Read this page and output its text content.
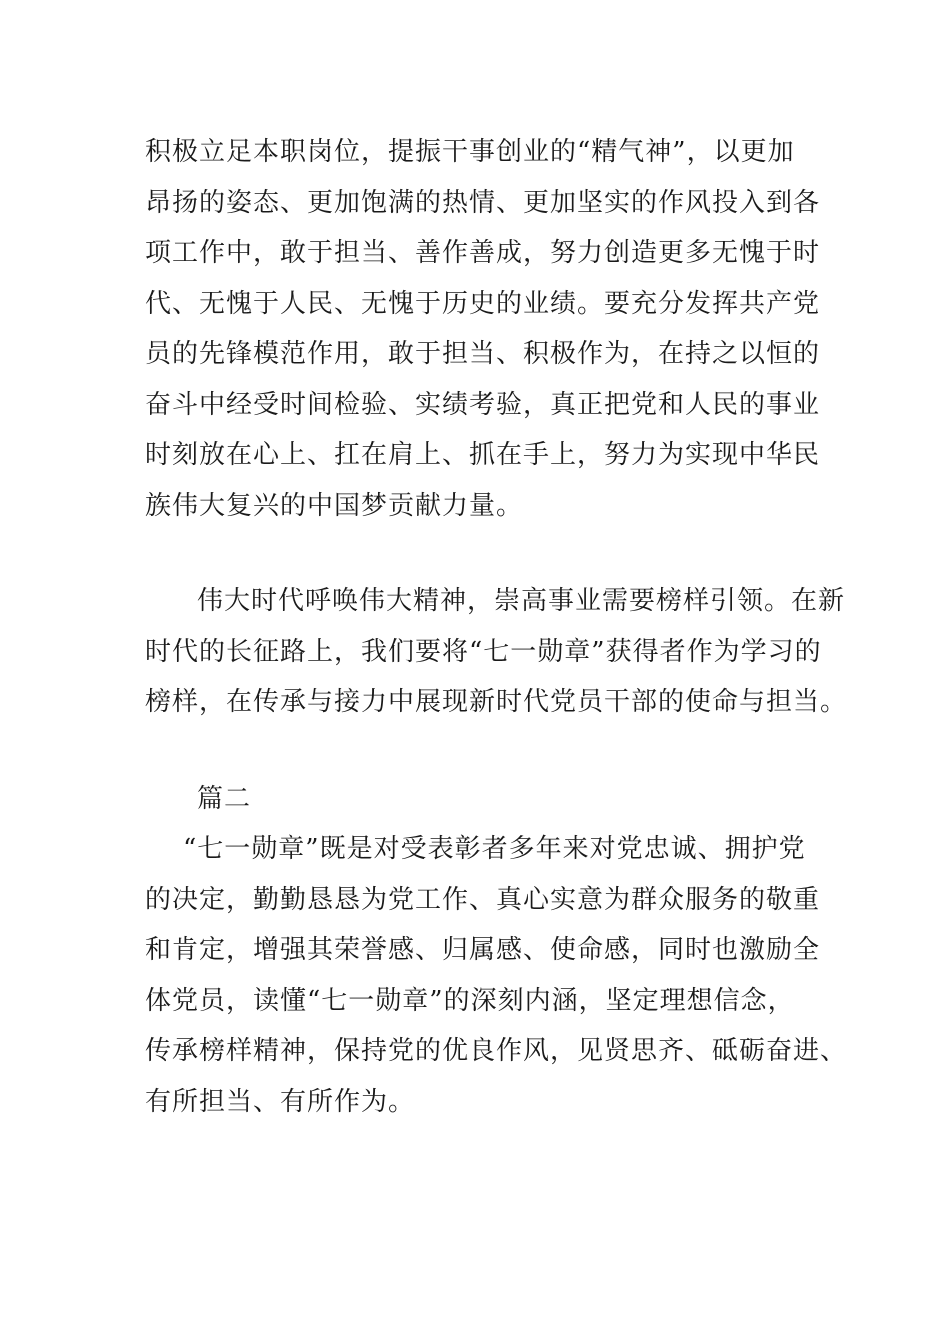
积极立足本职岗位，提振干事创业的“精气神”，以更加
昂扬的姿态、更加饱满的热情、更加坚实的作风投入到各
项工作中，敢于担当、善作善成，努力创造更多无愧于时
代、无愧于人民、无愧于历史的业绩。要充分发挥共产党
员的先锋模范作用，敢于担当、积极作为，在持之以恒的
奋斗中经受时间检验、实绩考验，真正把党和人民的事业
时刻放在心上、扛在肩上、抓在手上，努力为实现中华民
族伟大复兴的中国梦贡献力量。
伟大时代呼唤伟大精神，崇高事业需要榜样引领。在新
时代的长征路上，我们要将“七一勋章”获得者作为学习的
榜样，在传承与接力中展现新时代党员干部的使命与担当。
篇二
“七一勋章”既是对受表彰者多年来对党忠诚、拥护党
的决定，勤勤恳恳为党工作、真心实意为群众服务的敬重
和肯定，增强其荣誉感、归属感、使命感，同时也激励全
体党员，读懂“七一勋章”的深刻内涵，坚定理想信念，
传承榜样精神，保持党的优良作风，见贤思齐、砥砺奋进、
有所担当、有所作为。
